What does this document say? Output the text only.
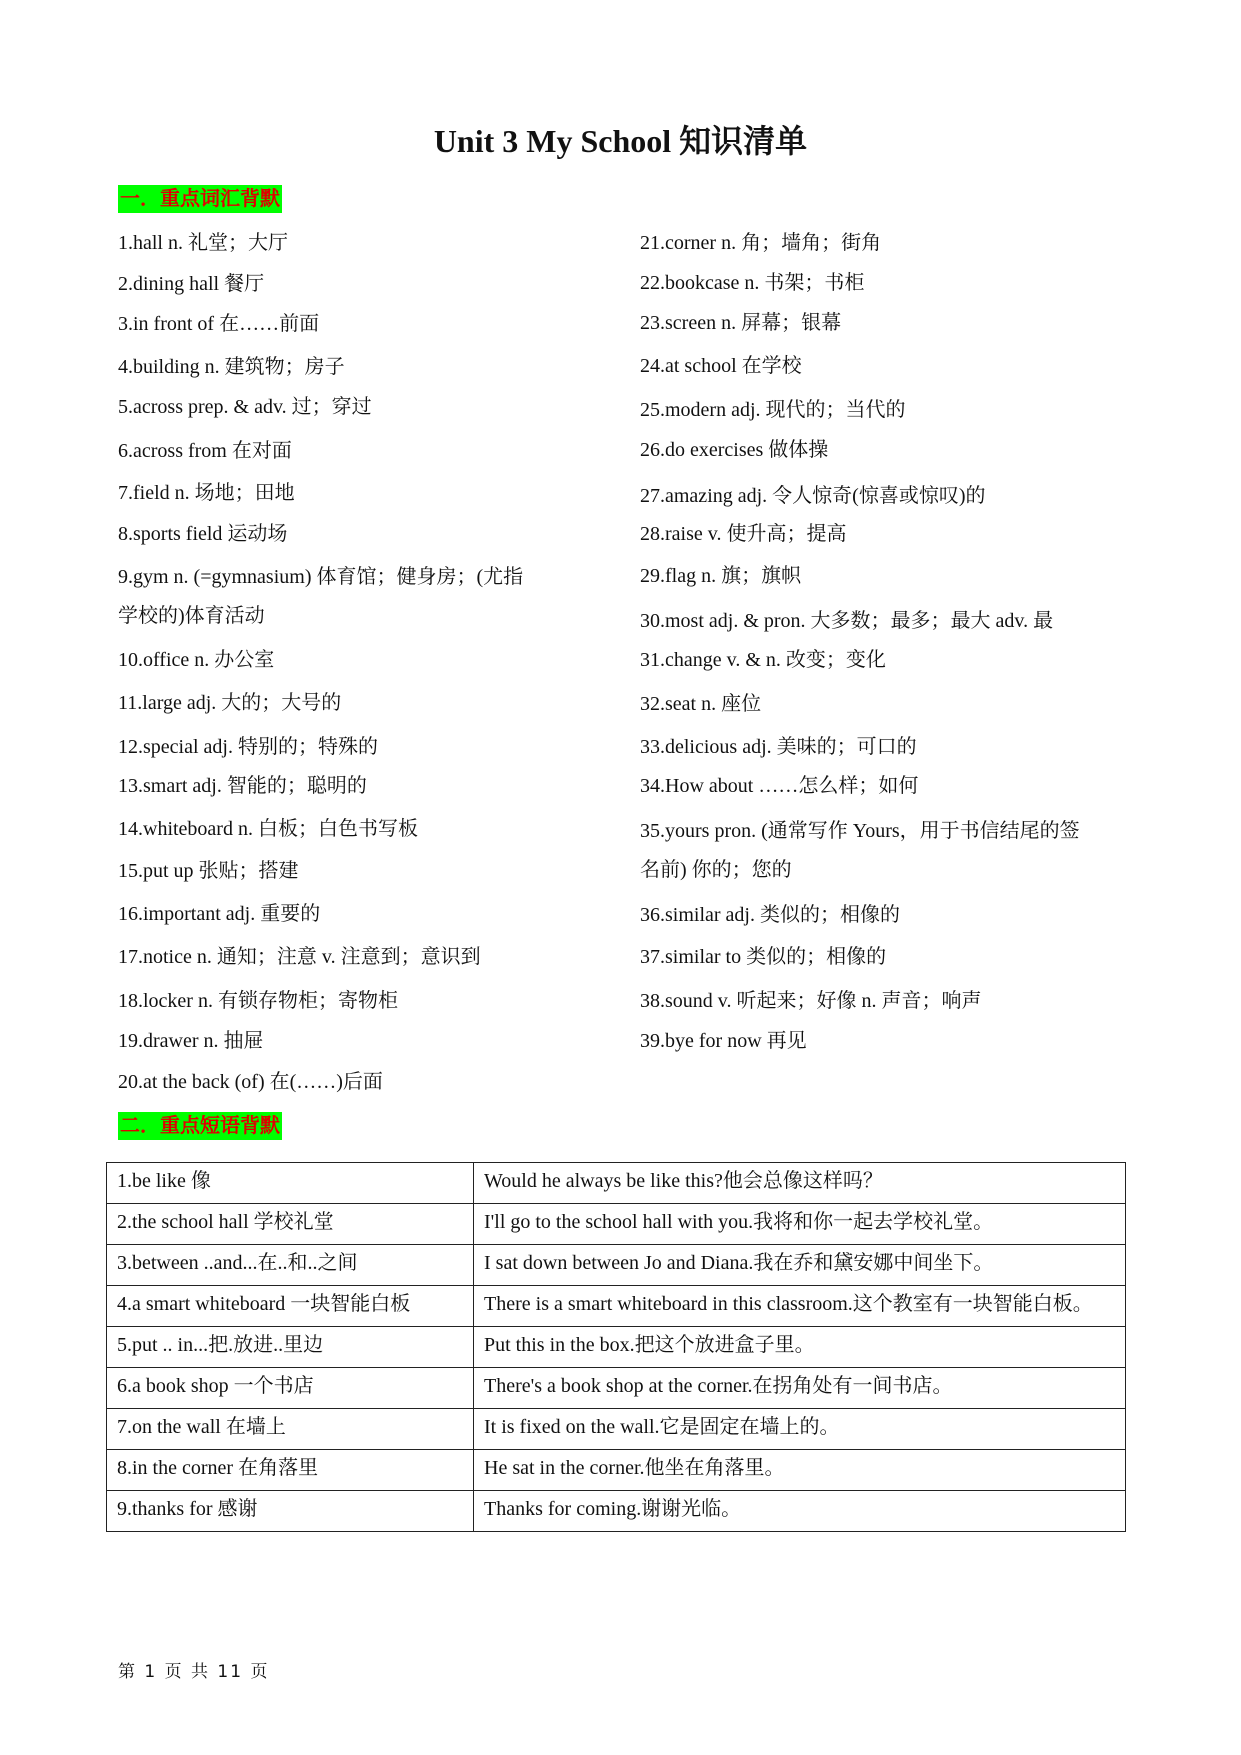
Unit 3 My School 知识清单
一．重点词汇背默
1.hall n. 礼堂；大厅
2.dining hall 餐厅
3.in front of 在……前面
4.building n. 建筑物；房子
5.across prep. & adv. 过；穿过
6.across from 在对面
7.field n. 场地；田地
8.sports field 运动场
9.gym n. (=gymnasium) 体育馆；健身房；(尤指
学校的)体育活动
10.office n. 办公室
11.large adj. 大的；大号的
12.special adj. 特别的；特殊的
13.smart adj. 智能的；聪明的
14.whiteboard n. 白板；白色书写板
15.put up 张贴；搭建
16.important adj. 重要的
17.notice n. 通知；注意 v. 注意到；意识到
18.locker n. 有锁存物柜；寄物柜
19.drawer n. 抽屉
20.at the back (of) 在(……)后面
21.corner n. 角；墙角；街角
22.bookcase n. 书架；书柜
23.screen n. 屏幕；银幕
24.at school 在学校
25.modern adj. 现代的；当代的
26.do exercises 做体操
27.amazing adj. 令人惊奇(惊喜或惊叹)的
28.raise v. 使升高；提高
29.flag n. 旗；旗帜
30.most adj. & pron. 大多数；最多；最大 adv. 最
31.change v. & n. 改变；变化
32.seat n. 座位
33.delicious adj. 美味的；可口的
34.How about ……怎么样；如何
35.yours pron. (通常写作 Yours，用于书信结尾的签
名前) 你的；您的
36.similar adj. 类似的；相像的
37.similar to 类似的；相像的
38.sound v. 听起来；好像 n. 声音；响声
39.bye for now 再见
二．重点短语背默
1.be like 像	Would he always be like this?他会总像这样吗？
2.the school hall 学校礼堂	I'll go to the school hall with you.我将和你一起去学校礼堂。
3.between ..and...在..和..之间	I sat down between Jo and Diana.我在乔和黛安娜中间坐下。
4.a smart whiteboard 一块智能白板	There is a smart whiteboard in this classroom.这个教室有一块智能白板。
5.put .. in...把.放进..里边	Put this in the box.把这个放进盒子里。
6.a book shop 一个书店	There's a book shop at the corner.在拐角处有一间书店。
7.on the wall 在墙上	It is fixed on the wall.它是固定在墙上的。
8.in the corner 在角落里	He sat in the corner.他坐在角落里。
9.thanks for 感谢	Thanks for coming.谢谢光临。
第 1 页 共 11 页
